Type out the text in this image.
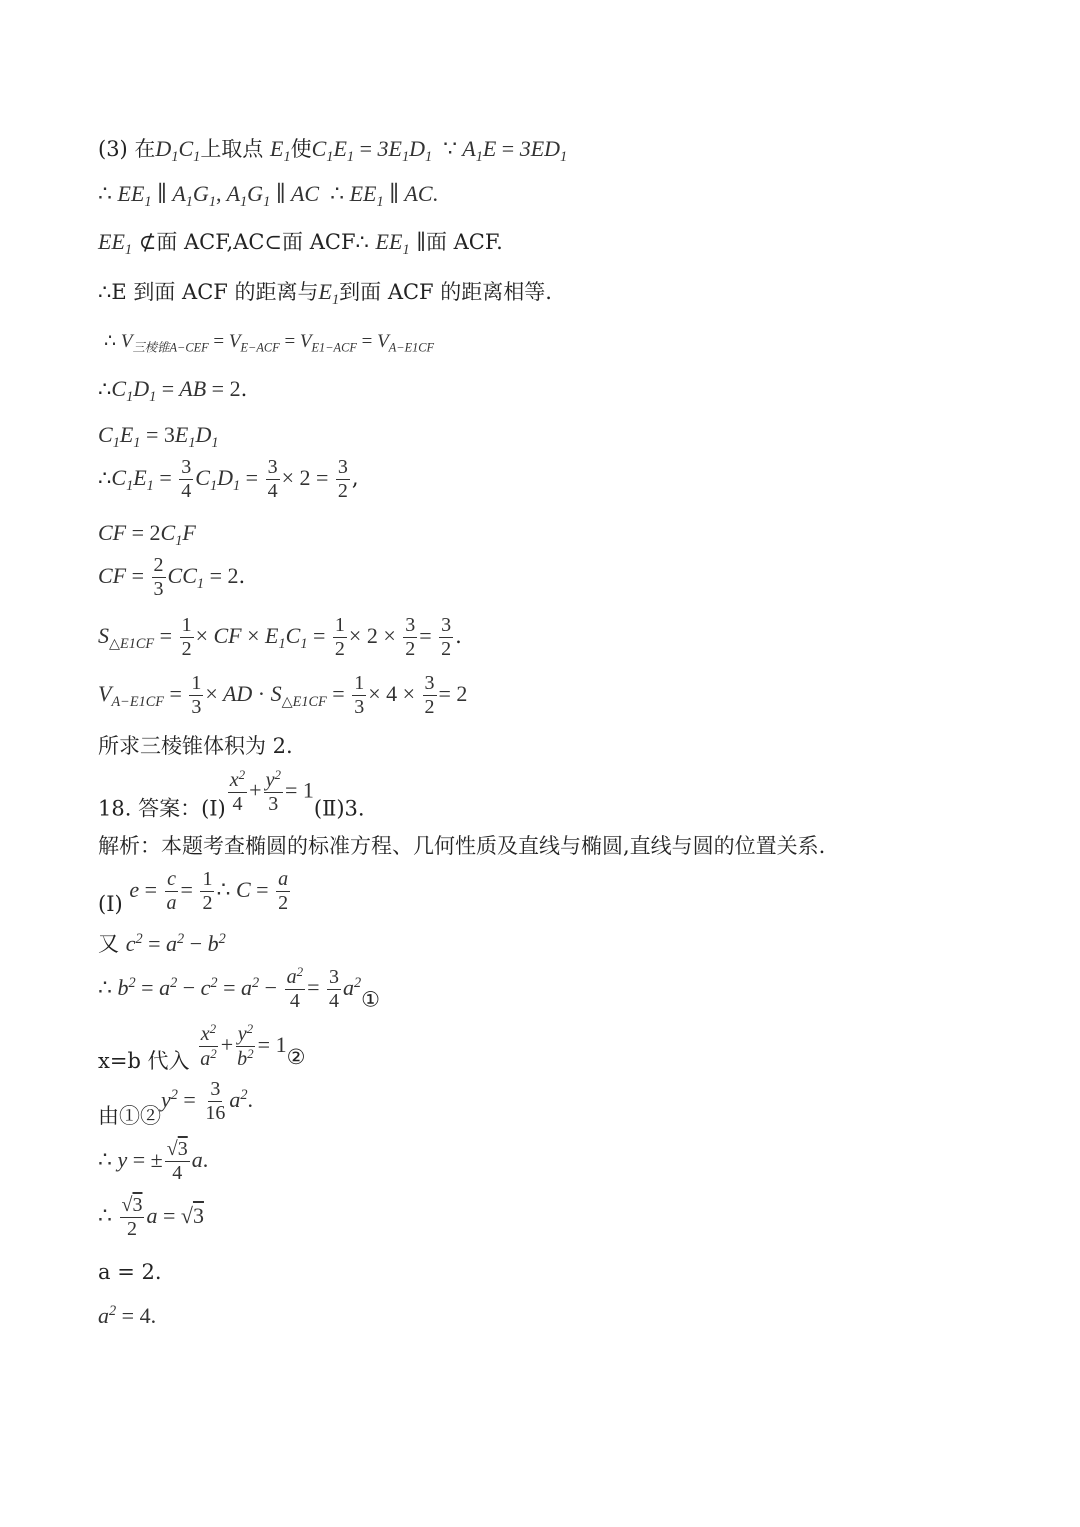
(3) 在$D_1C_1$上取点 $E_1$使$C_1E_1 = 3E_1D_1$ ∵ $A_1E = 3ED_1$
∴ $EE_1$ ∥ $A_1G_1$, $A_1G_1$ ∥ AC  ∴ $EE_1$ ∥ AC.
$EE_1$ ⊄面 ACF,AC⊂面 ACF∴ $EE_1$ ∥面 ACF.
∴E 到面 ACF 的距离与$E_1$到面 ACF 的距离相等.
∴ $V_{三棱锥A-CEF} = V_{E-ACF} = V_{E1-ACF} = V_{A-E1CF}$
$\therefore C_1D_1$ = AB = 2.
$C_1E_1 = 3E_1D_1$
$\therefore C_1E_1 = \frac{3}{4} C_1D_1 = \frac{3}{4} \times 2 = \frac{3}{2}$ ,
CF = $2C_1F$
CF = $\frac{2}{3} CC_1 = 2$.
$S_{\triangle E1CF} = \frac{1}{2}$ × CF × $E_1C_1 = \frac{1}{2} \times 2 \times \frac{3}{2} = \frac{3}{2}$ .
$V_{A-E1CF} = \frac{1}{3}$ × AD · $S_{\triangle E1CF} = \frac{1}{3} \times 4 \times \frac{3}{2} = 2$
所求三棱锥体积为 2.
18. 答案：(Ⅰ) $\frac{x^2}{4} + \frac{y^2}{3}$ = 1(Ⅱ)3.
解析：本题考查椭圆的标准方程、几何性质及直线与椭圆,直线与圆的位置关系.
(Ⅰ) $e = \frac{c}{a} = \frac{1}{2}$ ∴ $C = \frac{a}{2}$
又 $c^2 = a^2 - b^2$
∴ $b^2 = a^2 - c^2 = a^2 - \frac{a^2}{4} = \frac{3}{4}$ $a^2①$
x=b 代入 $\frac{x^2}{a^2} + \frac{y^2}{b^2}$ = 1②
由$①②y^2 = \frac{3}{16} a^2$.
∴ y = ± $\frac{√3}{4} a$.
∴ $\frac{√3}{2}$ a = √3
a = 2.
$a^2 = 4$.
